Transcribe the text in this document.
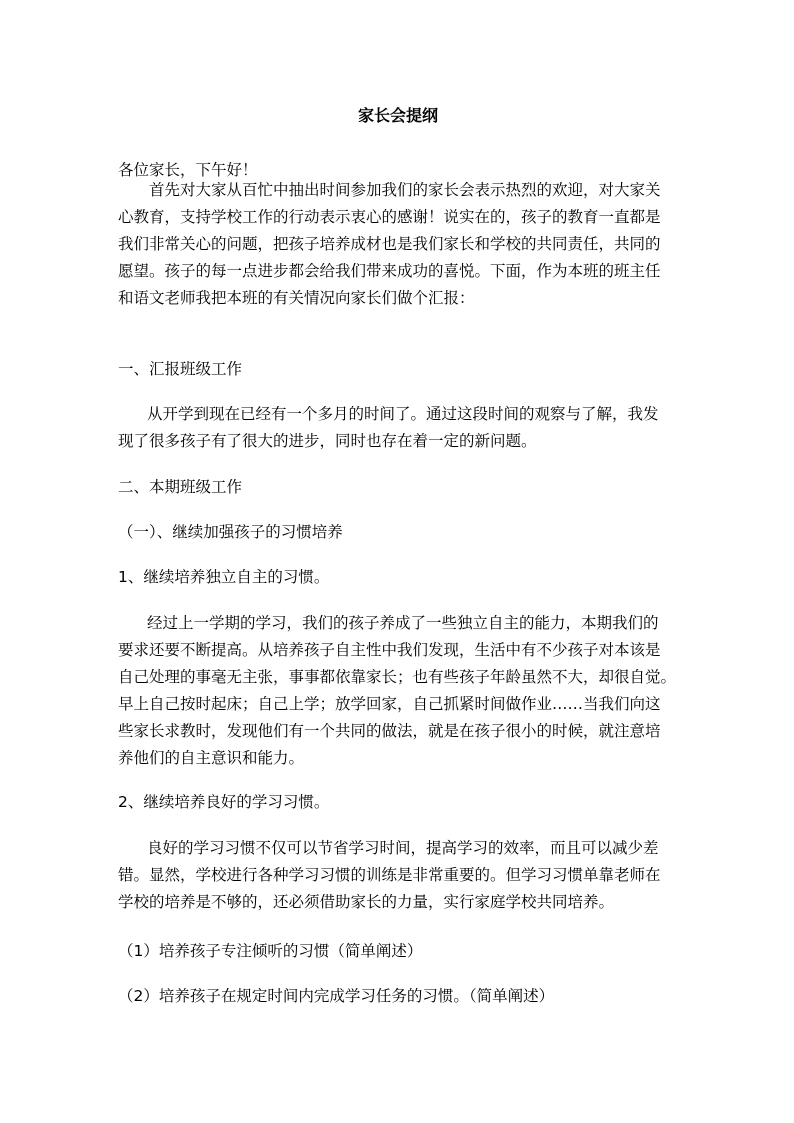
家长会提纲

各位家长，下午好！

首先对大家从百忙中抽出时间参加我们的家长会表示热烈的欢迎，对大家关
心教育，支持学校工作的行动表示衷心的感谢！说实在的，孩子的教育一直都是
我们非常关心的问题，把孩子培养成材也是我们家长和学校的共同责任，共同的
愿望。孩子的每一点进步都会给我们带来成功的喜悦。下面，作为本班的班主任
和语文老师我把本班的有关情况向家长们做个汇报：

一、汇报班级工作

从开学到现在已经有一个多月的时间了。通过这段时间的观察与了解，我发
现了很多孩子有了很大的进步，同时也存在着一定的新问题。

二、本期班级工作

（一）、继续加强孩子的习惯培养

1、继续培养独立自主的习惯。

经过上一学期的学习，我们的孩子养成了一些独立自主的能力，本期我们的
要求还要不断提高。从培养孩子自主性中我们发现，生活中有不少孩子对本该是
自己处理的事毫无主张，事事都依靠家长；也有些孩子年龄虽然不大，却很自觉。
早上自己按时起床；自己上学；放学回家，自己抓紧时间做作业……当我们向这
些家长求教时，发现他们有一个共同的做法，就是在孩子很小的时候，就注意培
养他们的自主意识和能力。

2、继续培养良好的学习习惯。

良好的学习习惯不仅可以节省学习时间，提高学习的效率，而且可以减少差
错。显然，学校进行各种学习习惯的训练是非常重要的。但学习习惯单靠老师在
学校的培养是不够的，还必须借助家长的力量，实行家庭学校共同培养。

（1）培养孩子专注倾听的习惯（简单阐述）

（2）培养孩子在规定时间内完成学习任务的习惯。（简单阐述）
